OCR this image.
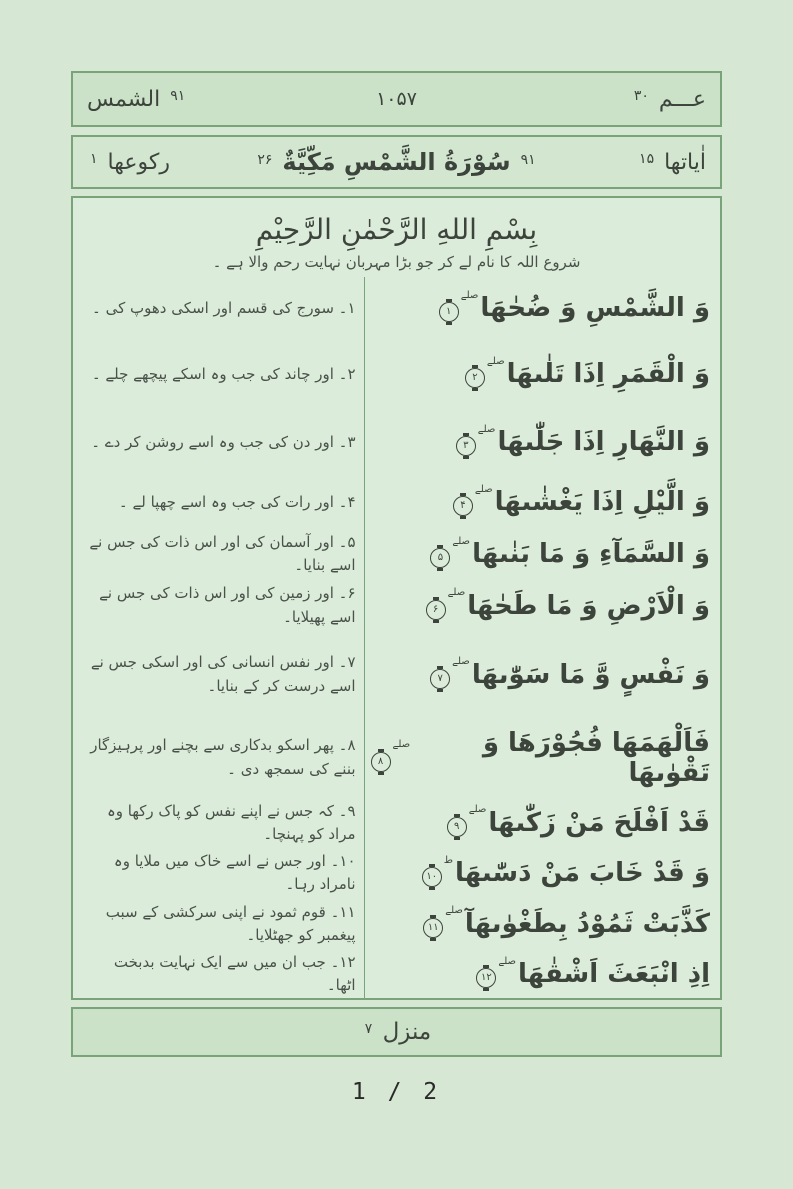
عـــم $^{۳۰}$
۱۰۵۷
$^{۹۱}$ الشمس
اٰیاتها $^{۱۵}$
$^{۹۱}$ سُوْرَةُ الشَّمْسِ مَکِّیَّةٌ $^{۲۶}$
رکوعها $^۱$
بِسْمِ اللهِ الرَّحْمٰنِ الرَّحِيْمِ
شروع اللہ کا نام لے کر جو بڑا مہربان نہایت رحم والا ہے ۔
وَ الشَّمْسِ وَ ضُحٰهَا
صلے
۱
۱۔ سورج کی قسم اور اسکی دھوپ کی ۔
وَ الْقَمَرِ اِذَا تَلٰىهَا
صلے
۲
۲۔ اور چاند کی جب وہ اسکے پیچھے چلے ۔
وَ النَّهَارِ اِذَا جَلّٰىهَا
صلے
۳
۳۔ اور دن کی جب وہ اسے روشن کر دے ۔
وَ الَّيْلِ اِذَا يَغْشٰىهَا
صلے
۴
۴۔ اور رات کی جب وہ اسے چھپا لے ۔
وَ السَّمَآءِ وَ مَا بَنٰىهَا
صلے
۵
۵۔ اور آسمان کی اور اس ذات کی جس نے اسے بنایا۔
وَ الْاَرْضِ وَ مَا طَحٰهَا
صلے
۶
۶۔ اور زمین کی اور اس ذات کی جس نے اسے پھیلایا۔
وَ نَفْسٍ وَّ مَا سَوّٰىهَا
صلے
۷
۷۔ اور نفس انسانی کی اور اسکی جس نے اسے درست کر کے بنایا۔
فَاَلْهَمَهَا فُجُوْرَهَا وَ تَقْوٰىهَا
صلے
۸
۸۔ پھر اسکو بدکاری سے بچنے اور پرہیزگار بننے کی سمجھ دی ۔
قَدْ اَفْلَحَ مَنْ زَكّٰىهَا
صلے
۹
۹۔ کہ جس نے اپنے نفس کو پاک رکھا وہ مراد کو پہنچا۔
وَ قَدْ خَابَ مَنْ دَسّٰىهَا
ط
۱۰
۱۰۔ اور جس نے اسے خاک میں ملایا وہ نامراد رہا۔
كَذَّبَتْ ثَمُوْدُ بِطَغْوٰىهَآ
صلے
۱۱
۱۱۔ قوم ثمود نے اپنی سرکشی کے سبب پیغمبر کو جھٹلایا۔
اِذِ انْبَعَثَ اَشْقٰهَا
صلے
۱۲
۱۲۔ جب ان میں سے ایک نہایت بدبخت اٹھا۔
منزل $^۷$
1 / 2
